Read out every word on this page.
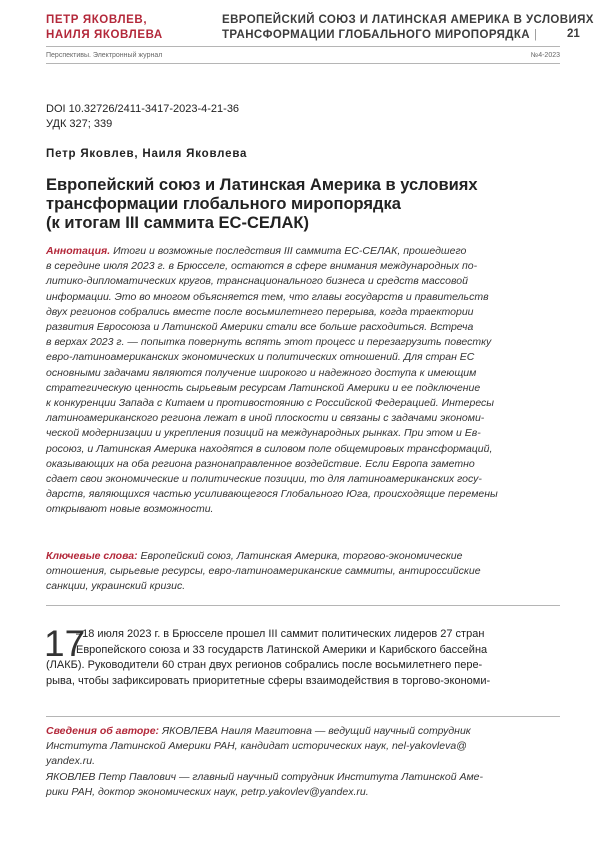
ПЕТР ЯКОВЛЕВ,
НАИЛЯ ЯКОВЛЕВА
ЕВРОПЕЙСКИЙ СОЮЗ И ЛАТИНСКАЯ АМЕРИКА В УСЛОВИЯХ
ТРАНСФОРМАЦИИ ГЛОБАЛЬНОГО МИРОПОРЯДКА |	21
Перспективы. Электронный журнал	№4-2023
DOI 10.32726/2411-3417-2023-4-21-36
УДК 327; 339
Петр Яковлев, Наиля Яковлева
Европейский союз и Латинская Америка в условиях
трансформации глобального миропорядка
(к итогам III саммита ЕС-СЕЛАК)
Аннотация. Итоги и возможные последствия III саммита ЕС-СЕЛАК, прошедшего
в середине июля 2023 г. в Брюсселе, остаются в сфере внимания международных по-
литико-дипломатических кругов, транснационального бизнеса и средств массовой
информации. Это во многом объясняется тем, что главы государств и правительств
двух регионов собрались вместе после восьмилетнего перерыва, когда траектории
развития Евросоюза и Латинской Америки стали все больше расходиться. Встреча
в верхах 2023 г. — попытка повернуть вспять этот процесс и перезагрузить повестку
евро-латиноамериканских экономических и политических отношений. Для стран ЕС
основными задачами являются получение широкого и надежного доступа к имеющим
стратегическую ценность сырьевым ресурсам Латинской Америки и ее подключение
к конкуренции Запада с Китаем и противостоянию с Российской Федерацией. Интересы
латиноамериканского региона лежат в иной плоскости и связаны с задачами экономи-
ческой модернизации и укрепления позиций на международных рынках. При этом и Ев-
росоюз, и Латинская Америка находятся в силовом поле общемировых трансформаций,
оказывающих на оба региона разнонаправленное воздействие. Если Европа заметно
сдает свои экономические и политические позиции, то для латиноамериканских госу-
дарств, являющихся частью усиливающегося Глобального Юга, происходящие перемены
открывают новые возможности.
Ключевые слова: Европейский союз, Латинская Америка, торгово-экономические
отношения, сырьевые ресурсы, евро-латиноамериканские саммиты, антироссийские
санкции, украинский кризис.
17
–18 июля 2023 г. в Брюсселе прошел III саммит политических лидеров 27 стран
Европейского союза и 33 государств Латинской Америки и Карибского бассейна
(ЛАКБ). Руководители 60 стран двух регионов собрались после восьмилетнего пере-
рыва, чтобы зафиксировать приоритетные сферы взаимодействия в торгово-экономи-
Сведения об авторе: ЯКОВЛЕВА Наиля Магитовна — ведущий научный сотрудник
Института Латинской Америки РАН, кандидат исторических наук, nel-yakovleva@
yandex.ru.
ЯКОВЛЕВ Петр Павлович — главный научный сотрудник Института Латинской Аме-
рики РАН, доктор экономических наук, petrp.yakovlev@yandex.ru.
